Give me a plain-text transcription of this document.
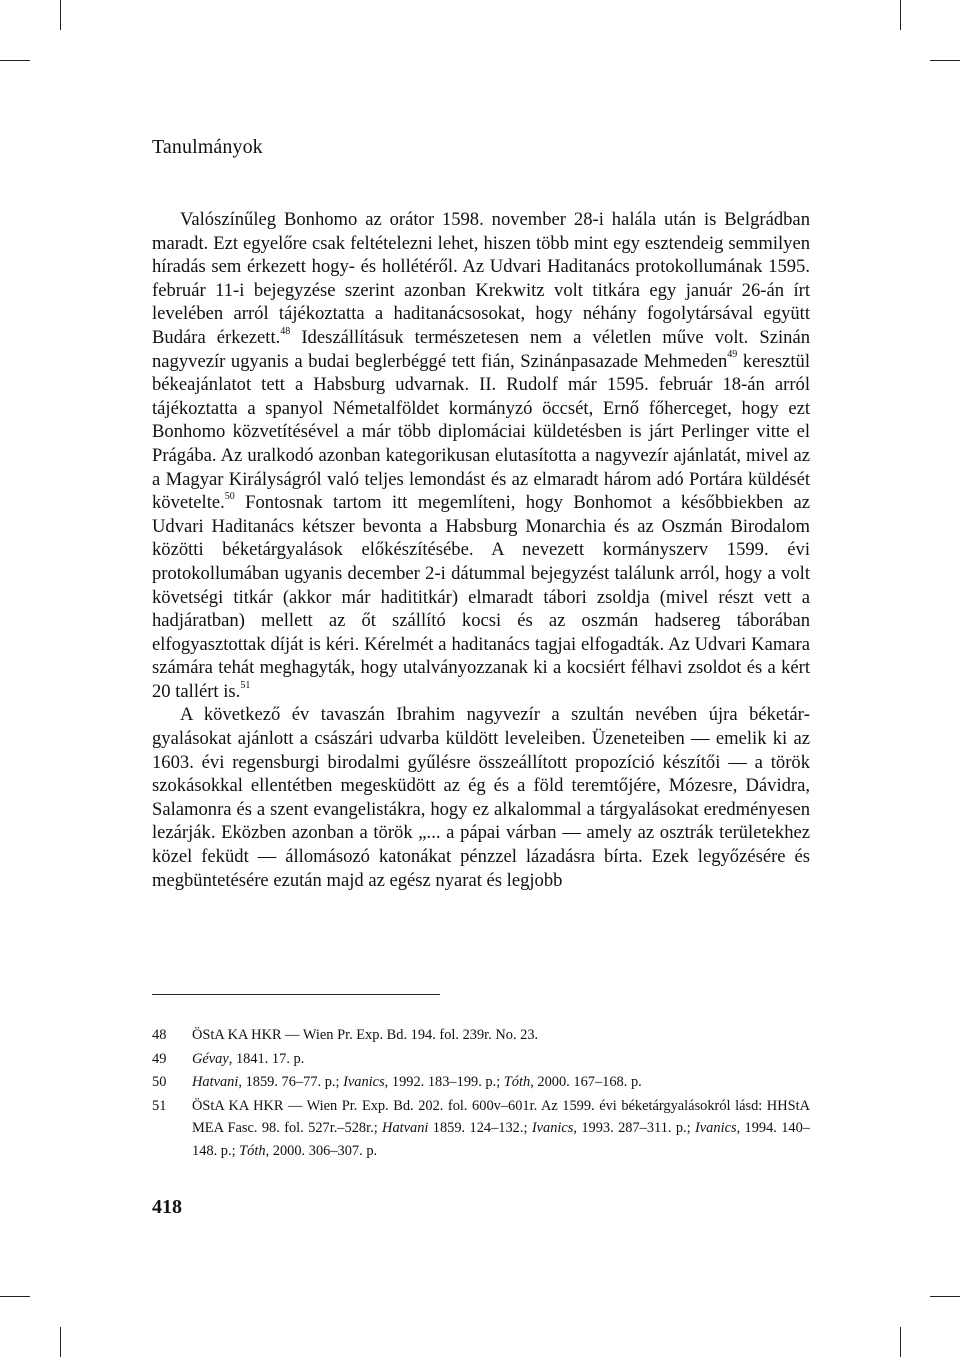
Tanulmányok

Valószínűleg Bonhomo az orátor 1598. november 28-i halála után is Belgrádban maradt. Ezt egyelőre csak feltételezni lehet, hiszen több mint egy esztendeig semmilyen híradás sem érkezett hogy- és hollétéről. Az Udvari Haditanács protokollumának 1595. február 11-i bejegyzése szerint azonban Krekwitz volt titkára egy január 26-án írt levelében arról tájékoztatta a haditanácsosokat, hogy néhány fogolytársával együtt Budára érkezett.$^{48}$ Ideszállításuk természetesen nem a véletlen műve volt. Szinán nagyvezír ugyanis a budai beglerbéggé tett fián, Szinánpasazade Mehmeden$^{49}$ keresztül békeajánlatot tett a Habsburg udvarnak. II. Rudolf már 1595. február 18-án arról tájékoztatta a spanyol Németalföldet kormányzó öccsét, Ernő főherceget, hogy ezt Bonhomo közvetítésével a már több diplomáciai küldetésben is járt Perlinger vitte el Prágába. Az uralkodó azonban kategorikusan elutasította a nagyvezír ajánlatát, mivel az a Magyar Királyságról való teljes lemondást és az elmaradt három adó Portára küldését követelte.$^{50}$ Fontosnak tartom itt megemlíteni, hogy Bonhomot a későbbiekben az Udvari Haditanács kétszer bevonta a Habsburg Monarchia és az Oszmán Birodalom közötti béketárgyalások előkészítésébe. A nevezett kormányszerv 1599. évi protokollumában ugyanis december 2-i dátummal bejegyzést találunk arról, hogy a volt követségi titkár (akkor már hadititkár) elmaradt tábori zsoldja (mivel részt vett a hadjáratban) mellett az őt szállító kocsi és az oszmán hadsereg táborában elfogyasztottak díját is kéri. Kérelmét a haditanács tagjai elfogadták. Az Udvari Kamara számára tehát meghagyták, hogy utalványozzanak ki a kocsiért félhavi zsoldot és a kért 20 tallért is.$^{51}$

A következő év tavaszán Ibrahim nagyvezír a szultán nevében újra béketárgyalásokat ajánlott a császári udvarba küldött leveleiben. Üzeneteiben — emelik ki az 1603. évi regensburgi birodalmi gyűlésre összeállított propozíció készítői — a török szokásokkal ellentétben megesküdött az ég és a föld teremtőjére, Mózesre, Dávidra, Salamonra és a szent evangelistákra, hogy ez alkalommal a tárgyalásokat eredményesen lezárják. Eközben azonban a török „... a pápai várban — amely az osztrák területekhez közel feküdt — állomásozó katonákat pénzzel lázadásra bírta. Ezek legyőzésére és megbüntetésére ezután majd az egész nyarat és legjobb

48	ÖStA KA HKR — Wien Pr. Exp. Bd. 194. fol. 239r. No. 23.
49	Gévay, 1841. 17. p.
50	Hatvani, 1859. 76–77. p.; Ivanics, 1992. 183–199. p.; Tóth, 2000. 167–168. p.
51	ÖStA KA HKR — Wien Pr. Exp. Bd. 202. fol. 600v–601r. Az 1599. évi béketárgyalásokról lásd: HHStA MEA Fasc. 98. fol. 527r.–528r.; Hatvani 1859. 124–132.; Ivanics, 1993. 287–311. p.; Ivanics, 1994. 140–148. p.; Tóth, 2000. 306–307. p.
418
